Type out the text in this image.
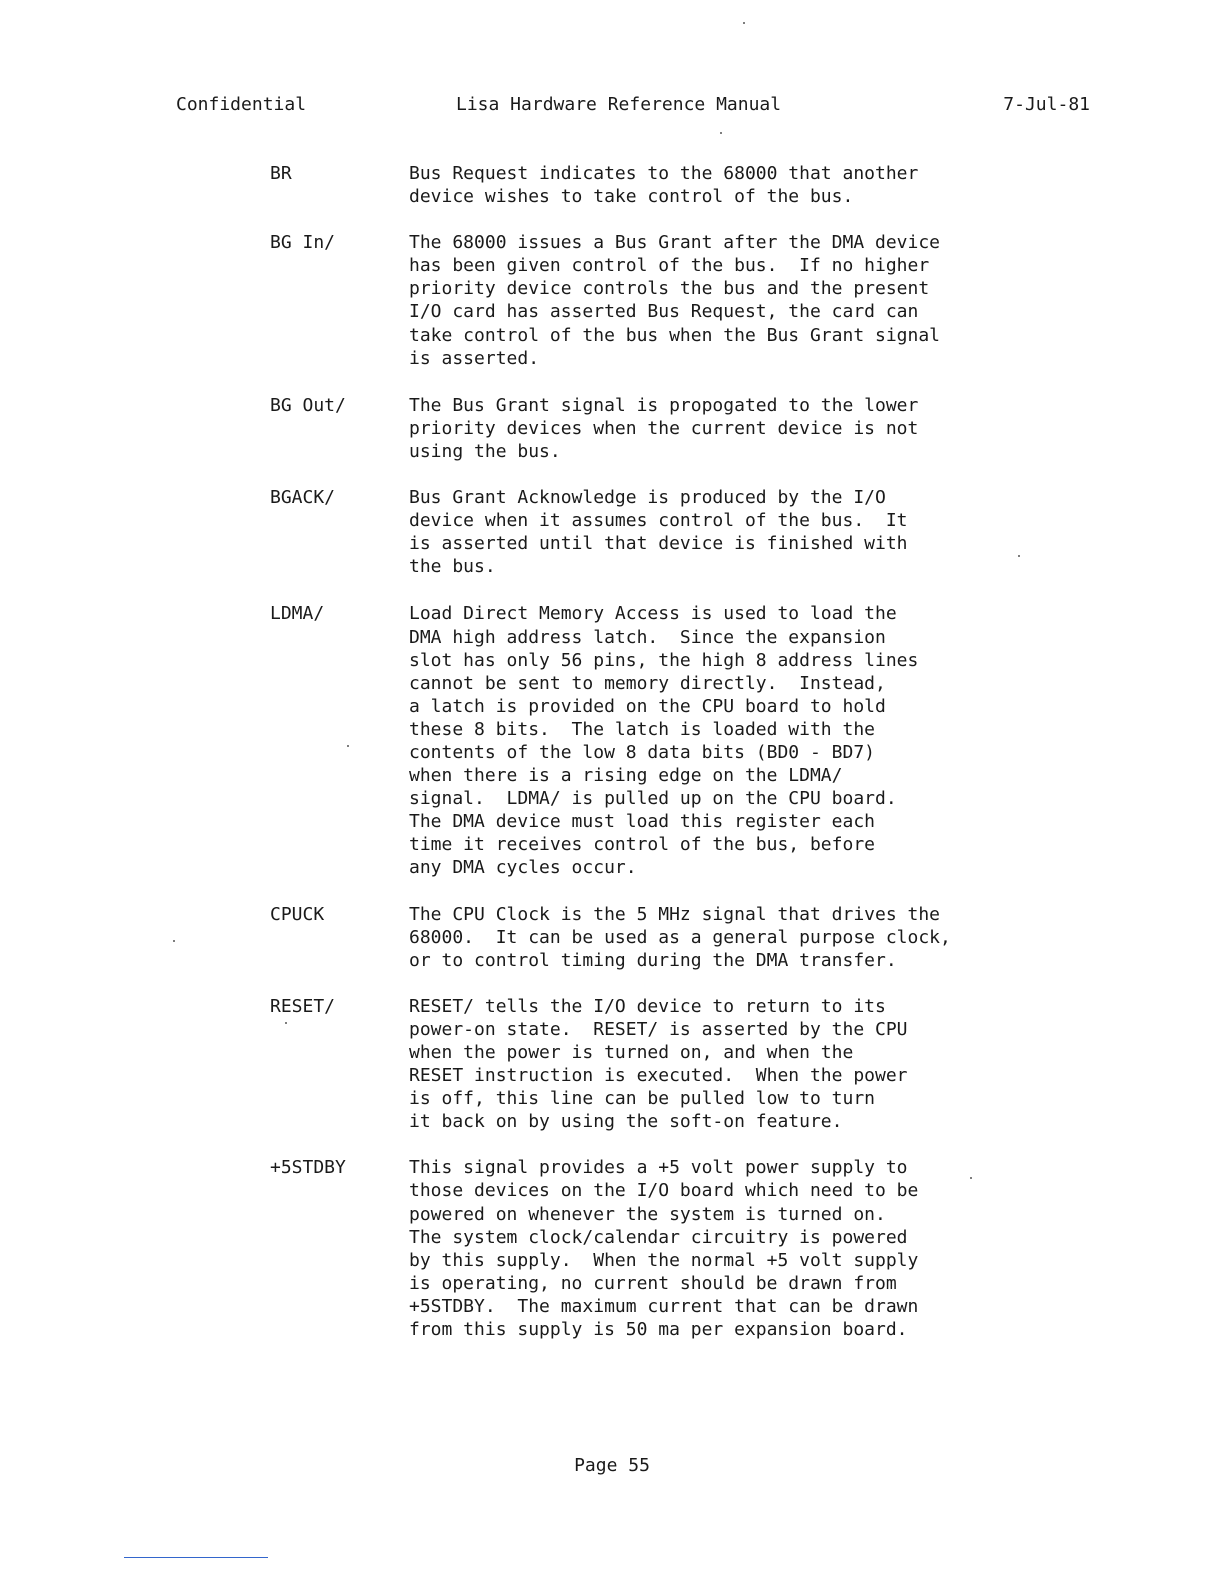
Confidential	Lisa Hardware Reference Manual	7-Jul-81
BR	Bus Request indicates to the 68000 that another
device wishes to take control of the bus.
BG In/	The 68000 issues a Bus Grant after the DMA device
has been given control of the bus.  If no higher
priority device controls the bus and the present
I/O card has asserted Bus Request, the card can
take control of the bus when the Bus Grant signal
is asserted.
BG Out/	The Bus Grant signal is propogated to the lower
priority devices when the current device is not
using the bus.
BGACK/	Bus Grant Acknowledge is produced by the I/O
device when it assumes control of the bus.  It
is asserted until that device is finished with
the bus.
LDMA/	Load Direct Memory Access is used to load the
DMA high address latch.  Since the expansion
slot has only 56 pins, the high 8 address lines
cannot be sent to memory directly.  Instead,
a latch is provided on the CPU board to hold
these 8 bits.  The latch is loaded with the
contents of the low 8 data bits (BD0 - BD7)
when there is a rising edge on the LDMA/
signal.  LDMA/ is pulled up on the CPU board.
The DMA device must load this register each
time it receives control of the bus, before
any DMA cycles occur.
CPUCK	The CPU Clock is the 5 MHz signal that drives the
68000.  It can be used as a general purpose clock,
or to control timing during the DMA transfer.
RESET/	RESET/ tells the I/O device to return to its
power-on state.  RESET/ is asserted by the CPU
when the power is turned on, and when the
RESET instruction is executed.  When the power
is off, this line can be pulled low to turn
it back on by using the soft-on feature.
+5STDBY	This signal provides a +5 volt power supply to
those devices on the I/O board which need to be
powered on whenever the system is turned on.
The system clock/calendar circuitry is powered
by this supply.  When the normal +5 volt supply
is operating, no current should be drawn from
+5STDBY.  The maximum current that can be drawn
from this supply is 50 ma per expansion board.
Page 55
